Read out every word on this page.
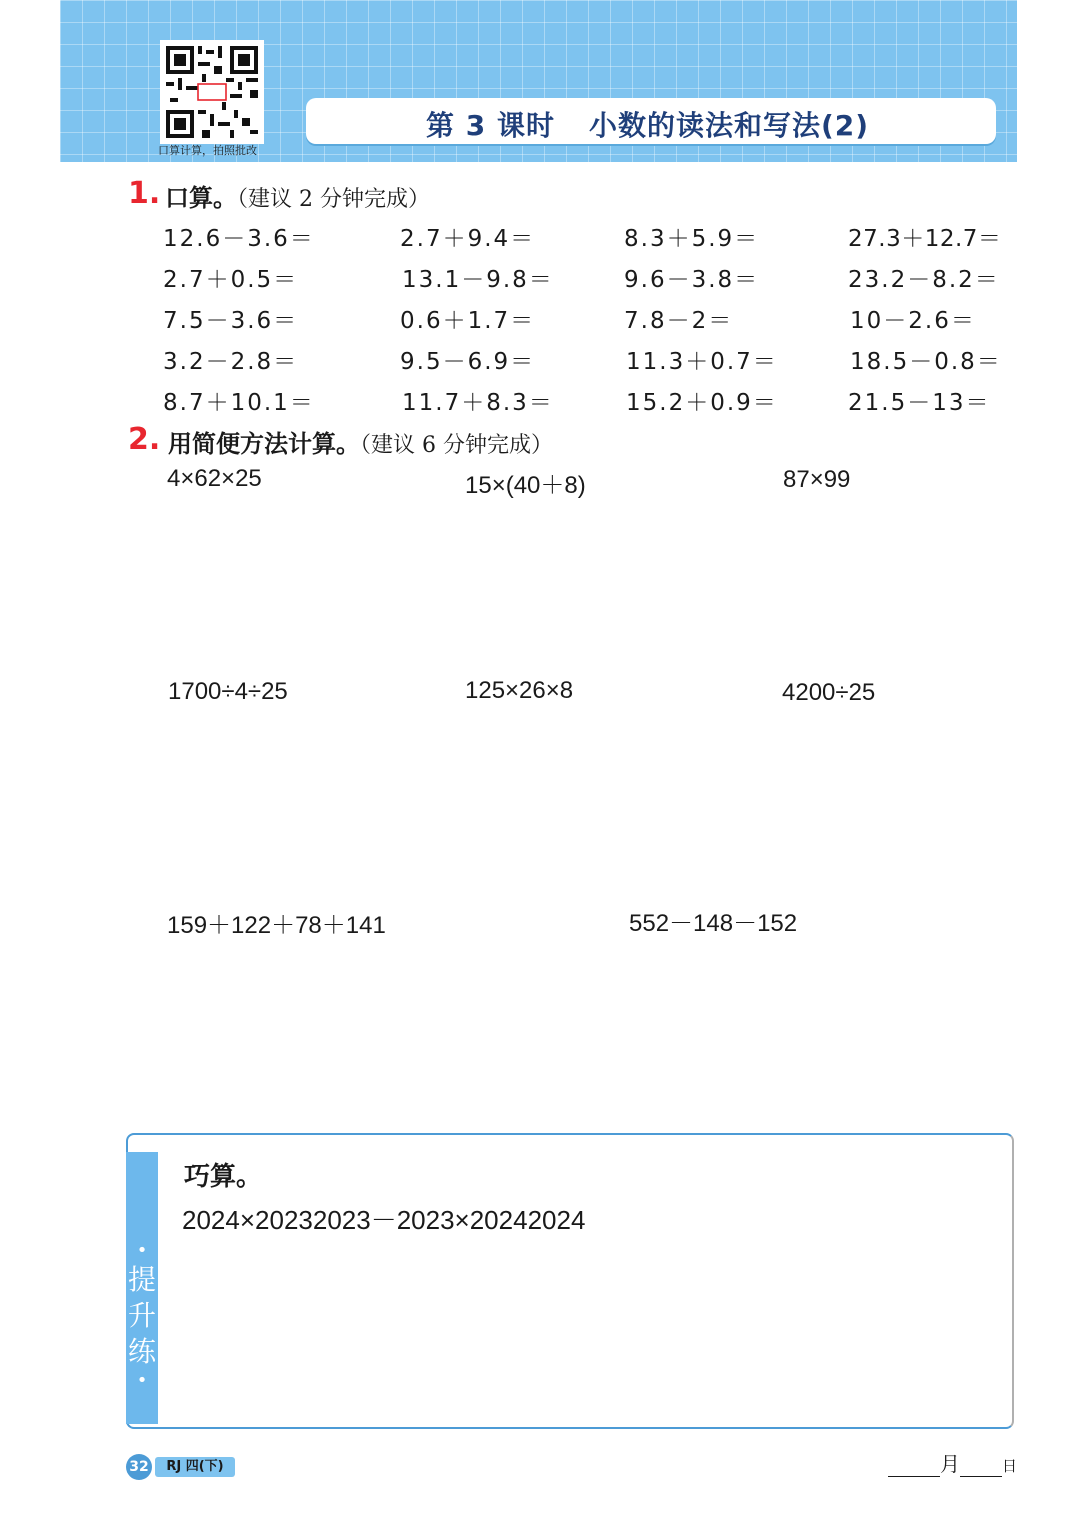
口算计算，拍照批改
第 3 课时 小数的读法和写法(2)
1. 口算。（建议 2 分钟完成）
12.6－3.6＝	2.7＋9.4＝	8.3＋5.9＝	27.3＋12.7＝
2.7＋0.5＝	13.1－9.8＝	9.6－3.8＝	23.2－8.2＝
7.5－3.6＝	0.6＋1.7＝	7.8－2＝	10－2.6＝
3.2－2.8＝	9.5－6.9＝	11.3＋0.7＝	18.5－0.8＝
8.7＋10.1＝	11.7＋8.3＝	15.2＋0.9＝	21.5－13＝
2. 用简便方法计算。（建议 6 分钟完成）
4×62×25	15×(40＋8)	87×99
1700÷4÷25	125×26×8	4200÷25
159＋122＋78＋141	552－148－152
•
提
升
练
•
巧算。
2024×20232023－2023×20242024
32	RJ 四(下)	月	日
